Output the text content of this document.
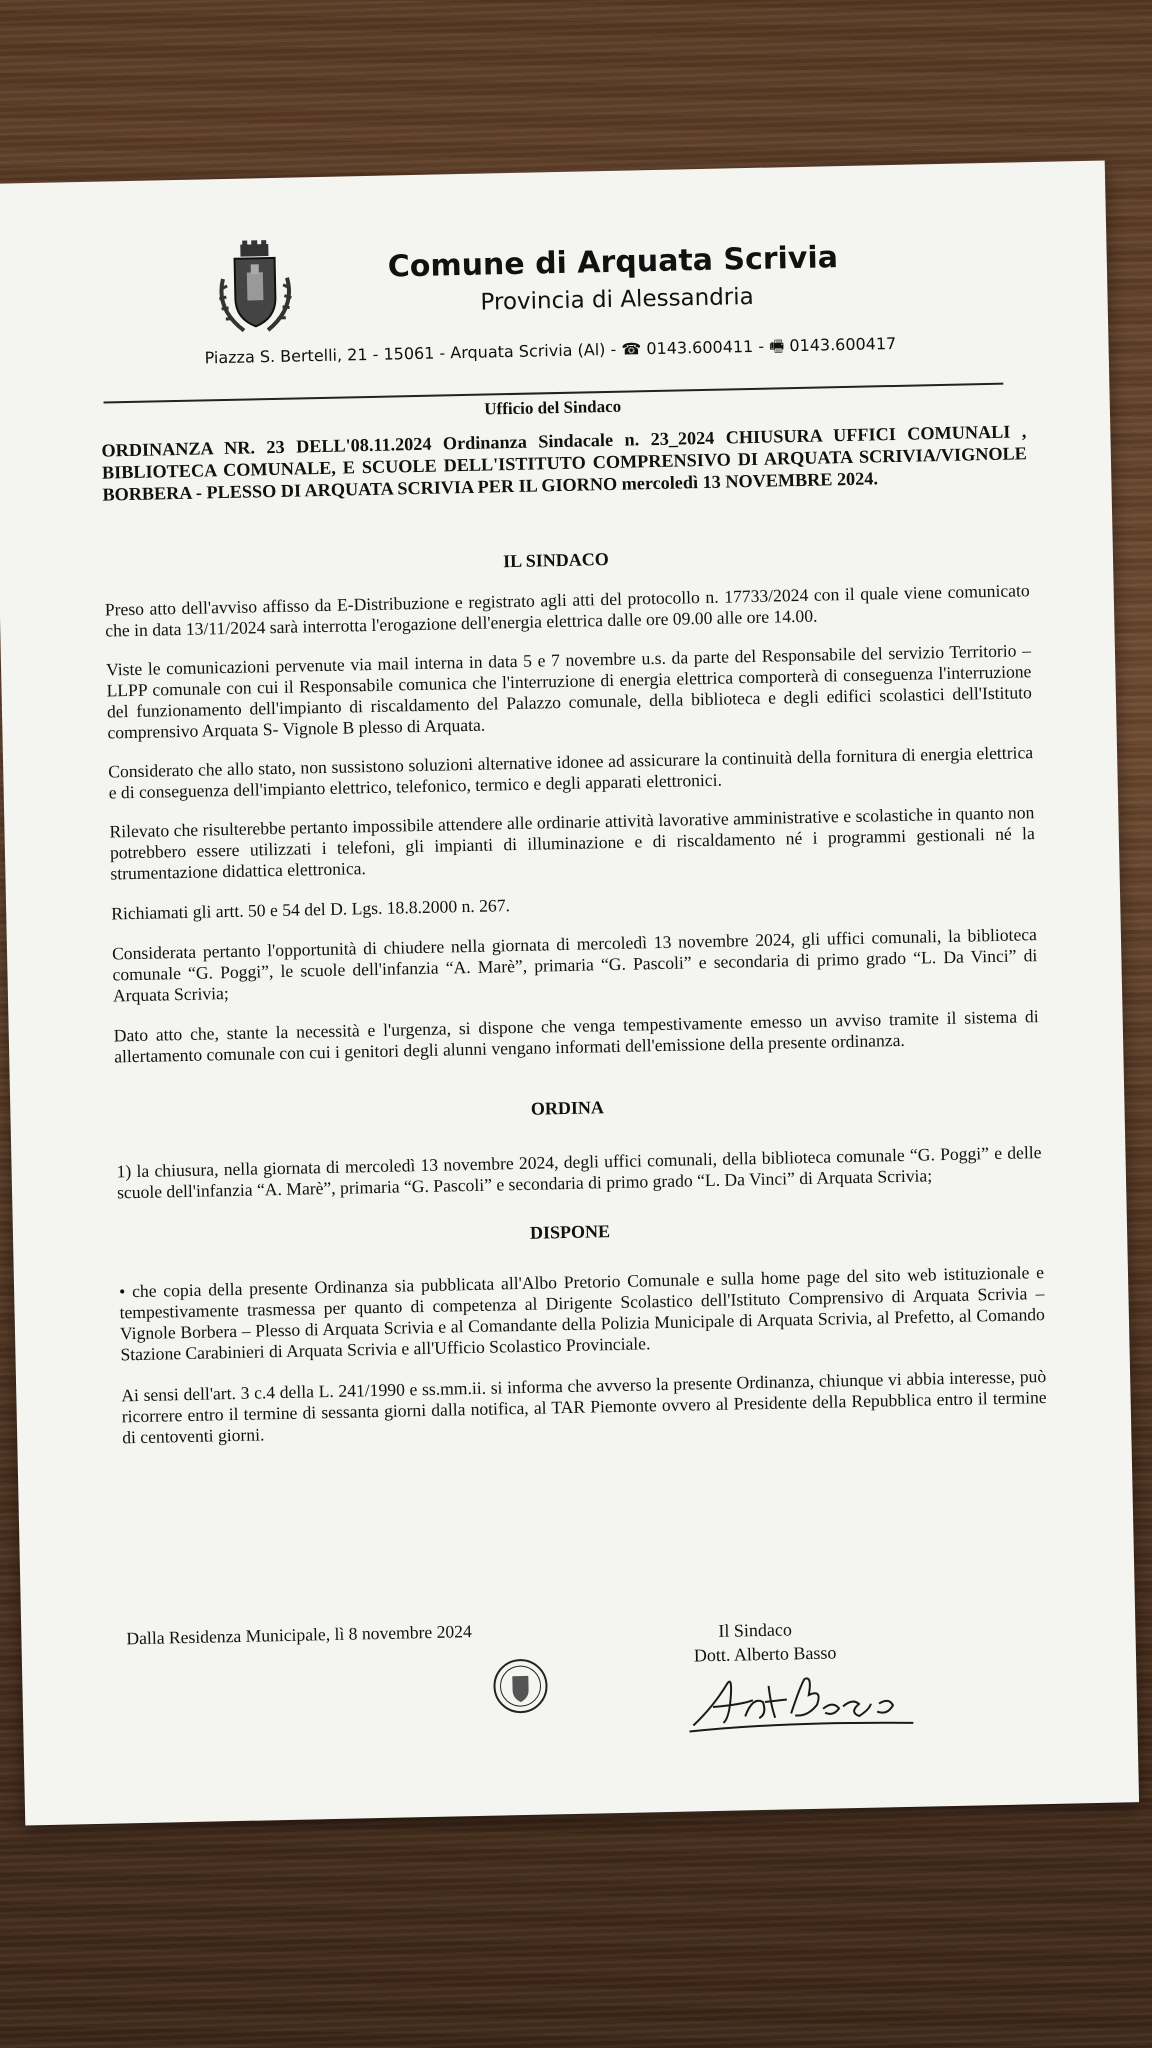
Comune di Arquata Scrivia
Provincia di Alessandria
Piazza S. Bertelli, 21 - 15061 - Arquata Scrivia (Al) - ☎ 0143.600411 - 🖷 0143.600417
Ufficio del Sindaco
ORDINANZA NR. 23 DELL'08.11.2024 Ordinanza Sindacale n. 23_2024 CHIUSURA UFFICI COMUNALI , BIBLIOTECA COMUNALE, E SCUOLE DELL'ISTITUTO COMPRENSIVO DI ARQUATA SCRIVIA/VIGNOLE BORBERA - PLESSO DI ARQUATA SCRIVIA PER IL GIORNO mercoledì 13 NOVEMBRE 2024.
IL SINDACO
Preso atto dell'avviso affisso da E-Distribuzione e registrato agli atti del protocollo n. 17733/2024 con il quale viene comunicato che in data 13/11/2024 sarà interrotta l'erogazione dell'energia elettrica dalle ore 09.00 alle ore 14.00.
Viste le comunicazioni pervenute via mail interna in data 5 e 7 novembre u.s. da parte del Responsabile del servizio Territorio – LLPP comunale con cui il Responsabile comunica che l'interruzione di energia elettrica comporterà di conseguenza l'interruzione del funzionamento dell'impianto di riscaldamento del Palazzo comunale, della biblioteca e degli edifici scolastici dell'Istituto comprensivo Arquata S- Vignole B plesso di Arquata.
Considerato che allo stato, non sussistono soluzioni alternative idonee ad assicurare la continuità della fornitura di energia elettrica e di conseguenza dell'impianto elettrico, telefonico, termico e degli apparati elettronici.
Rilevato che risulterebbe pertanto impossibile attendere alle ordinarie attività lavorative amministrative e scolastiche in quanto non potrebbero essere utilizzati i telefoni, gli impianti di illuminazione e di riscaldamento né i programmi gestionali né la strumentazione didattica elettronica.
Richiamati gli artt. 50 e 54 del D. Lgs. 18.8.2000 n. 267.
Considerata pertanto l'opportunità di chiudere nella giornata di mercoledì 13 novembre 2024, gli uffici comunali, la biblioteca comunale “G. Poggi”, le scuole dell'infanzia “A. Marè”, primaria “G. Pascoli” e secondaria di primo grado “L. Da Vinci” di Arquata Scrivia;
Dato atto che, stante la necessità e l'urgenza, si dispone che venga tempestivamente emesso un avviso tramite il sistema di allertamento comunale con cui i genitori degli alunni vengano informati dell'emissione della presente ordinanza.
ORDINA
1) la chiusura, nella giornata di mercoledì 13 novembre 2024, degli uffici comunali, della biblioteca comunale “G. Poggi” e delle scuole dell'infanzia “A. Marè”, primaria “G. Pascoli” e secondaria di primo grado “L. Da Vinci” di Arquata Scrivia;
DISPONE
• che copia della presente Ordinanza sia pubblicata all'Albo Pretorio Comunale e sulla home page del sito web istituzionale e tempestivamente trasmessa per quanto di competenza al Dirigente Scolastico dell'Istituto Comprensivo di Arquata Scrivia – Vignole Borbera – Plesso di Arquata Scrivia e al Comandante della Polizia Municipale di Arquata Scrivia, al Prefetto, al Comando Stazione Carabinieri di Arquata Scrivia e all'Ufficio Scolastico Provinciale.
Ai sensi dell'art. 3 c.4 della L. 241/1990 e ss.mm.ii. si informa che avverso la presente Ordinanza, chiunque vi abbia interesse, può ricorrere entro il termine di sessanta giorni dalla notifica, al TAR Piemonte ovvero al Presidente della Repubblica entro il termine di centoventi giorni.
Dalla Residenza Municipale, lì 8 novembre 2024	Il Sindaco
Dott. Alberto Basso
